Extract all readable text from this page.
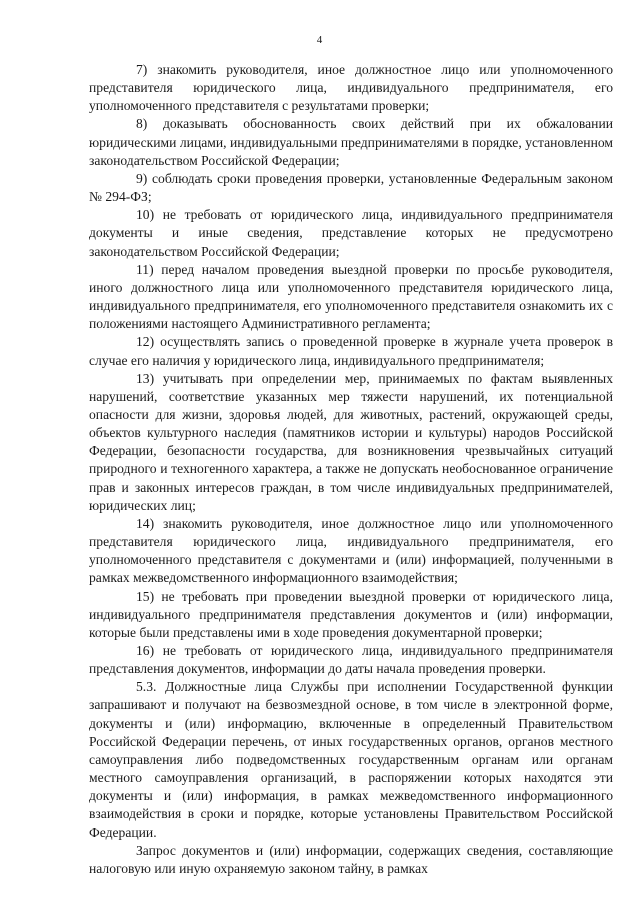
4

7) знакомить руководителя, иное должностное лицо или уполномоченного представителя юридического лица, индивидуального предпринимателя, его уполномоченного представителя с результатами проверки;

8) доказывать обоснованность своих действий при их обжаловании юридическими лицами, индивидуальными предпринимателями в порядке, установленном законодательством Российской Федерации;

9) соблюдать сроки проведения проверки, установленные Федеральным законом № 294-ФЗ;

10) не требовать от юридического лица, индивидуального предпринимателя документы и иные сведения, представление которых не предусмотрено законодательством Российской Федерации;

11) перед началом проведения выездной проверки по просьбе руководителя, иного должностного лица или уполномоченного представителя юридического лица, индивидуального предпринимателя, его уполномоченного представителя ознакомить их с положениями настоящего Административного регламента;

12) осуществлять запись о проведенной проверке в журнале учета проверок в случае его наличия у юридического лица, индивидуального предпринимателя;

13) учитывать при определении мер, принимаемых по фактам выявленных нарушений, соответствие указанных мер тяжести нарушений, их потенциальной опасности для жизни, здоровья людей, для животных, растений, окружающей среды, объектов культурного наследия (памятников истории и культуры) народов Российской Федерации, безопасности государства, для возникновения чрезвычайных ситуаций природного и техногенного характера, а также не допускать необоснованное ограничение прав и законных интересов граждан, в том числе индивидуальных предпринимателей, юридических лиц;

14) знакомить руководителя, иное должностное лицо или уполномоченного представителя юридического лица, индивидуального предпринимателя, его уполномоченного представителя с документами и (или) информацией, полученными в рамках межведомственного информационного взаимодействия;

15) не требовать при проведении выездной проверки от юридического лица, индивидуального предпринимателя представления документов и (или) информации, которые были представлены ими в ходе проведения документарной проверки;

16) не требовать от юридического лица, индивидуального предпринимателя представления документов, информации до даты начала проведения проверки.

5.3. Должностные лица Службы при исполнении Государственной функции запрашивают и получают на безвозмездной основе, в том числе в электронной форме, документы и (или) информацию, включенные в определенный Правительством Российской Федерации перечень, от иных государственных органов, органов местного самоуправления либо подведомственных государственным органам или органам местного самоуправления организаций, в распоряжении которых находятся эти документы и (или) информация, в рамках межведомственного информационного взаимодействия в сроки и порядке, которые установлены Правительством Российской Федерации.

Запрос документов и (или) информации, содержащих сведения, составляющие налоговую или иную охраняемую законом тайну, в рамках
